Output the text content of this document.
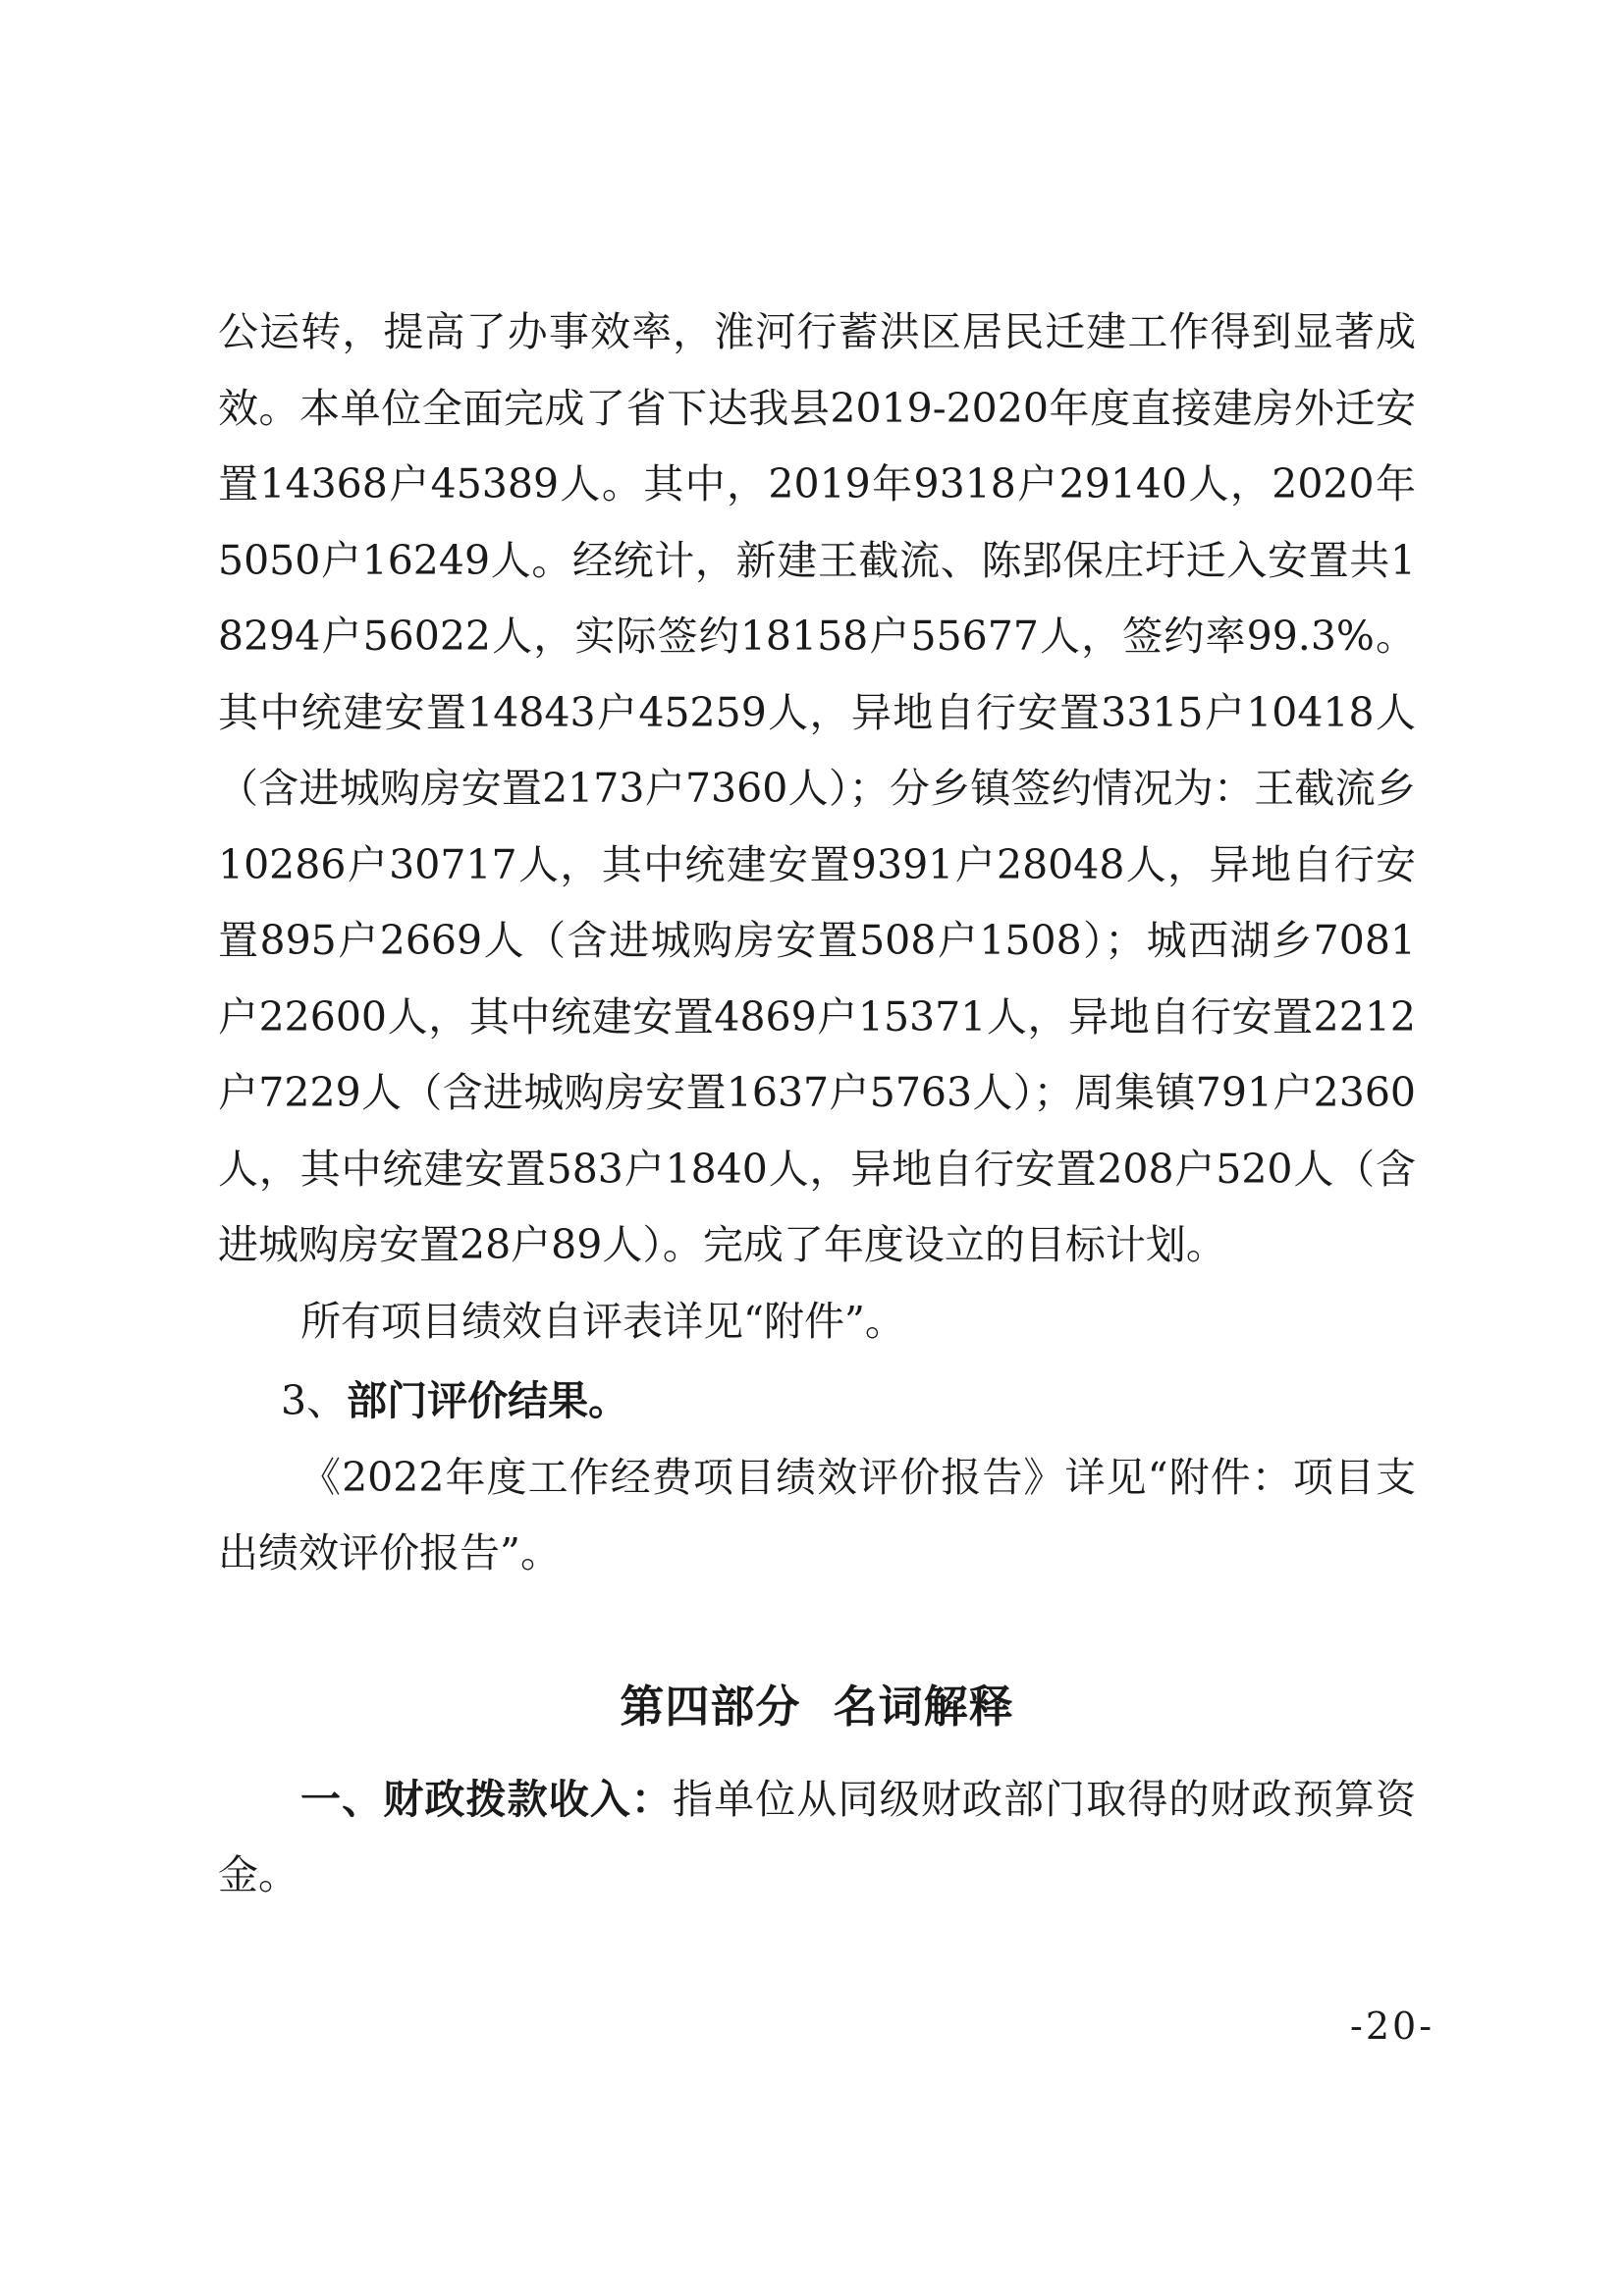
公运转，提高了办事效率，淮河行蓄洪区居民迁建工作得到显著成效。本单位全面完成了省下达我县2019-2020年度直接建房外迁安置14368户45389人。其中，2019年9318户29140人，2020年5050户16249人。经统计，新建王截流、陈郢保庄圩迁入安置共18294户56022人，实际签约18158户55677人，签约率99.3%。其中统建安置14843户45259人，异地自行安置3315户10418人（含进城购房安置2173户7360人）；分乡镇签约情况为：王截流乡10286户30717人，其中统建安置9391户28048人，异地自行安置895户2669人（含进城购房安置508户1508）；城西湖乡7081户22600人，其中统建安置4869户15371人，异地自行安置2212户7229人（含进城购房安置1637户5763人）；周集镇791户2360人，其中统建安置583户1840人，异地自行安置208户520人（含进城购房安置28户89人）。完成了年度设立的目标计划。

所有项目绩效自评表详见“附件”。

3、部门评价结果。

《2022年度工作经费项目绩效评价报告》详见“附件：项目支出绩效评价报告”。

第四部分  名词解释

一、财政拨款收入：指单位从同级财政部门取得的财政预算资金。

-20-
